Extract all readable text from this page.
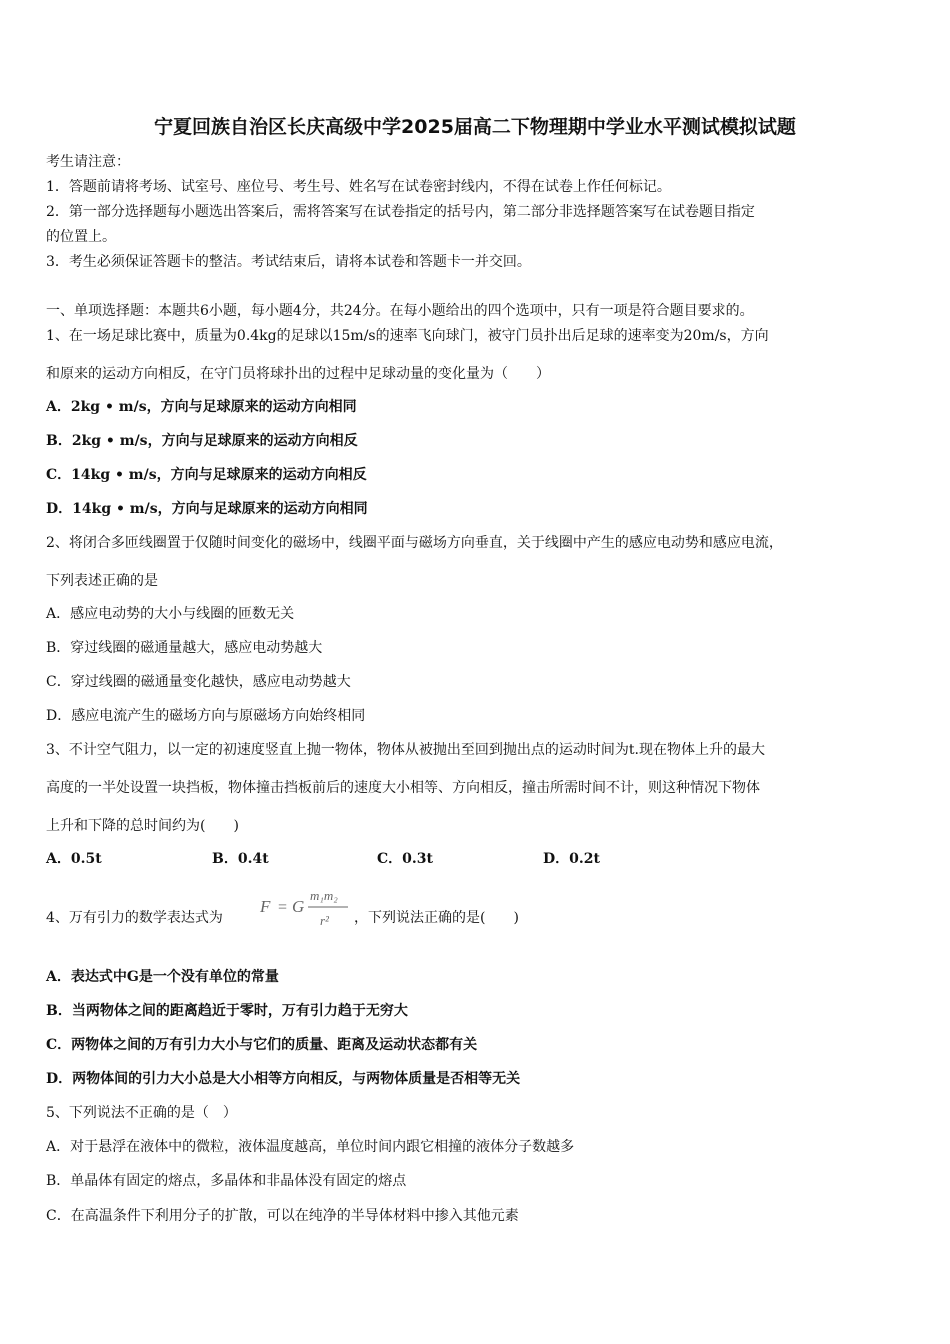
宁夏回族自治区长庆高级中学2025届高二下物理期中学业水平测试模拟试题
考生请注意：
1．答题前请将考场、试室号、座位号、考生号、姓名写在试卷密封线内，不得在试卷上作任何标记。
2．第一部分选择题每小题选出答案后，需将答案写在试卷指定的括号内，第二部分非选择题答案写在试卷题目指定
的位置上。
3．考生必须保证答题卡的整洁。考试结束后，请将本试卷和答题卡一并交回。
一、单项选择题：本题共6小题，每小题4分，共24分。在每小题给出的四个选项中，只有一项是符合题目要求的。
1、在一场足球比赛中，质量为0.4kg的足球以15m/s的速率飞向球门，被守门员扑出后足球的速率变为20m/s，方向
和原来的运动方向相反，在守门员将球扑出的过程中足球动量的变化量为（　　）
A．2kg • m/s，方向与足球原来的运动方向相同
B．2kg • m/s，方向与足球原来的运动方向相反
C．14kg • m/s，方向与足球原来的运动方向相反
D．14kg • m/s，方向与足球原来的运动方向相同
2、将闭合多匝线圈置于仅随时间变化的磁场中，线圈平面与磁场方向垂直，关于线圈中产生的感应电动势和感应电流，
下列表述正确的是
A．感应电动势的大小与线圈的匝数无关
B．穿过线圈的磁通量越大，感应电动势越大
C．穿过线圈的磁通量变化越快，感应电动势越大
D．感应电流产生的磁场方向与原磁场方向始终相同
3、不计空气阻力，以一定的初速度竖直上抛一物体，物体从被抛出至回到抛出点的运动时间为t.现在物体上升的最大
高度的一半处设置一块挡板，物体撞击挡板前后的速度大小相等、方向相反，撞击所需时间不计，则这种情况下物体
上升和下降的总时间约为(　　)
A．0.5t	B．0.4t	C．0.3t	D．0.2t
4、万有引力的数学表达式为
F = G
m₁m₂
r² ，下列说法正确的是(　　)
A．表达式中G是一个没有单位的常量
B．当两物体之间的距离趋近于零时，万有引力趋于无穷大
C．两物体之间的万有引力大小与它们的质量、距离及运动状态都有关
D．两物体间的引力大小总是大小相等方向相反，与两物体质量是否相等无关
5、下列说法不正确的是（　）
A．对于悬浮在液体中的微粒，液体温度越高，单位时间内跟它相撞的液体分子数越多
B．单晶体有固定的熔点，多晶体和非晶体没有固定的熔点
C．在高温条件下利用分子的扩散，可以在纯净的半导体材料中掺入其他元素
